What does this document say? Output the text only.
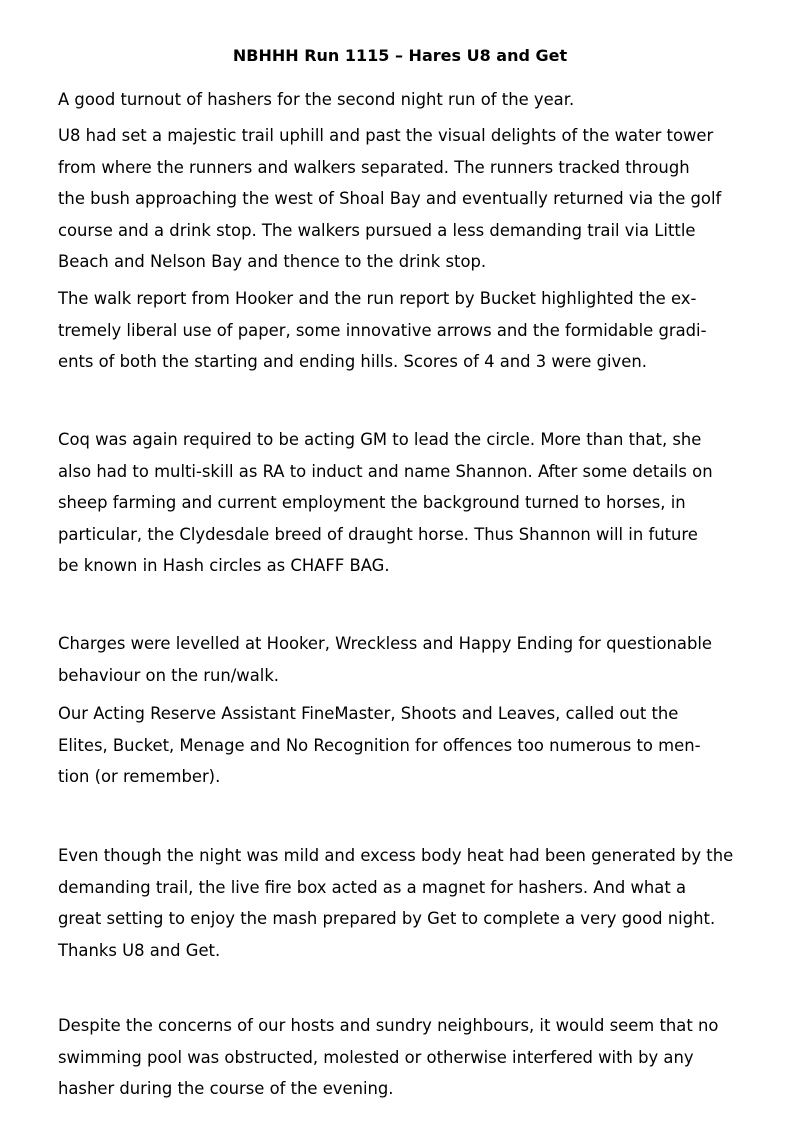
NBHHH Run 1115 – Hares U8 and Get

A good turnout of hashers for the second night run of the year.

U8 had set a majestic trail uphill and past the visual delights of the water tower
from where the runners and walkers separated. The runners tracked through
the bush approaching the west of Shoal Bay and eventually returned via the golf
course and a drink stop. The walkers pursued a less demanding trail via Little
Beach and Nelson Bay and thence to the drink stop.

The walk report from Hooker and the run report by Bucket highlighted the ex-
tremely liberal use of paper, some innovative arrows and the formidable gradi-
ents of both the starting and ending hills. Scores of 4 and 3 were given.

Coq was again required to be acting GM to lead the circle. More than that, she
also had to multi-skill as RA to induct and name Shannon. After some details on
sheep farming and current employment the background turned to horses, in
particular, the Clydesdale breed of draught horse. Thus Shannon will in future
be known in Hash circles as CHAFF BAG.

Charges were levelled at Hooker, Wreckless and Happy Ending for questionable
behaviour on the run/walk.

Our Acting Reserve Assistant FineMaster, Shoots and Leaves, called out the
Elites, Bucket, Menage and No Recognition for offences too numerous to men-
tion (or remember).

Even though the night was mild and excess body heat had been generated by the
demanding trail, the live fire box acted as a magnet for hashers. And what a
great setting to enjoy the mash prepared by Get to complete a very good night.
Thanks U8 and Get.

Despite the concerns of our hosts and sundry neighbours, it would seem that no
swimming pool was obstructed, molested or otherwise interfered with by any
hasher during the course of the evening.
